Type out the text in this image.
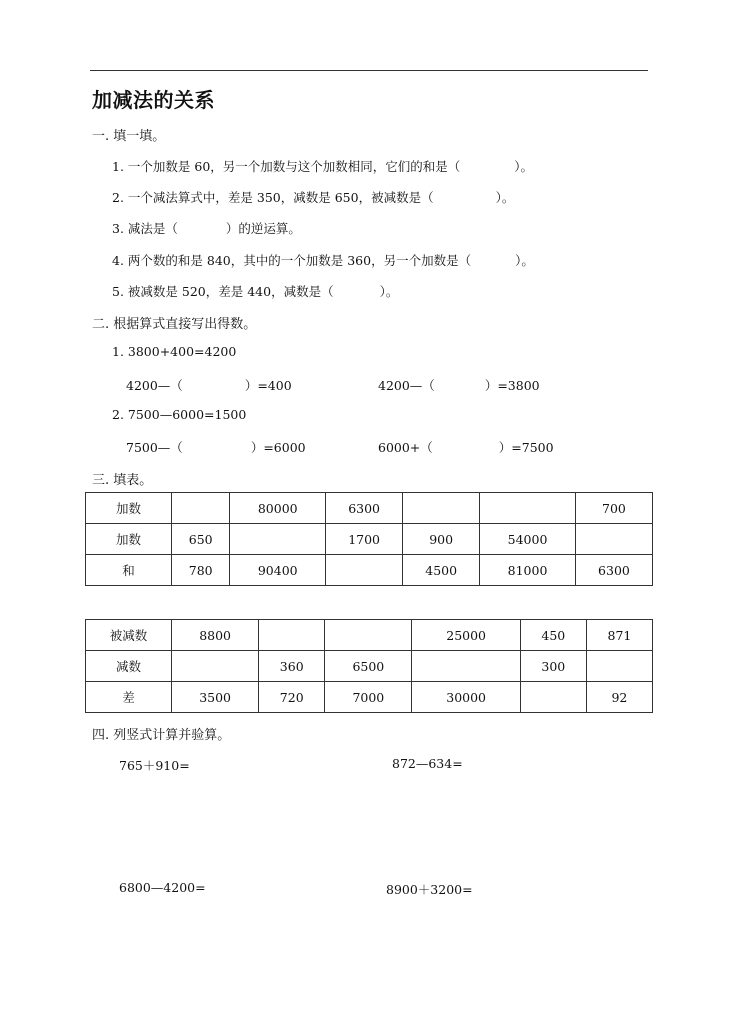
加减法的关系
一. 填一填。
1. 一个加数是 60，另一个加数与这个加数相同，它们的和是（	）。
2. 一个减法算式中，差是 350，减数是 650，被减数是（	）。
3. 减法是（	）的逆运算。
4. 两个数的和是 840，其中的一个加数是 360，另一个加数是（	）。
5. 被减数是 520，差是 440，减数是（	）。
二. 根据算式直接写出得数。
1. 3800+400=4200
4200—（	）=400	4200—（	）=3800
2. 7500—6000=1500
7500—（	）=6000	6000+（	）=7500
三. 填表。
加数		80000	6300			700
加数	650		1700	900	54000	
和	780	90400		4500	81000	6300
被减数	8800			25000	450	871
减数		360	6500		300	
差	3500	720	7000	30000		92
四. 列竖式计算并验算。
765＋910=	872—634=
6800—4200=	8900＋3200=
